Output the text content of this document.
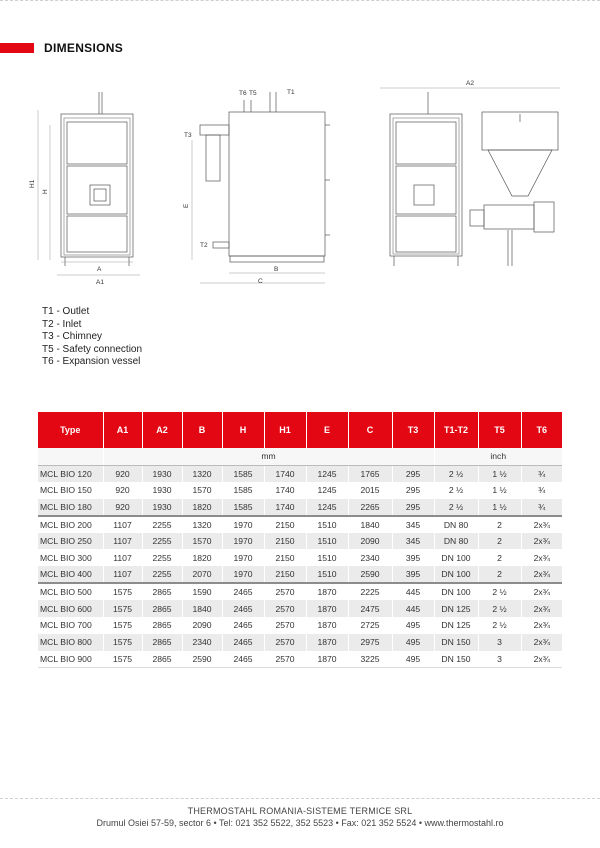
DIMENSIONS
H1
H
A
A1
T6 T5	T1
T3
T2
E
B
C
A2
T1 - Outlet
T2 - Inlet
T3 - Chimney
T5 - Safety connection
T6 - Expansion vessel
Type	A1	A2	B	H	H1	E	C	T3	T1-T2	T5	T6
	mm								inch		
MCL BIO 120	920	1930	1320	1585	1740	1245	1765	295	2 ½	1 ½	¾
MCL BIO 150	920	1930	1570	1585	1740	1245	2015	295	2 ½	1 ½	¾
MCL BIO 180	920	1930	1820	1585	1740	1245	2265	295	2 ½	1 ½	¾
MCL BIO 200	1107	2255	1320	1970	2150	1510	1840	345	DN 80	2	2x¾
MCL BIO 250	1107	2255	1570	1970	2150	1510	2090	345	DN 80	2	2x¾
MCL BIO 300	1107	2255	1820	1970	2150	1510	2340	395	DN 100	2	2x¾
MCL BIO 400	1107	2255	2070	1970	2150	1510	2590	395	DN 100	2	2x¾
MCL BIO 500	1575	2865	1590	2465	2570	1870	2225	445	DN 100	2 ½	2x¾
MCL BIO 600	1575	2865	1840	2465	2570	1870	2475	445	DN 125	2 ½	2x¾
MCL BIO 700	1575	2865	2090	2465	2570	1870	2725	495	DN 125	2 ½	2x¾
MCL BIO 800	1575	2865	2340	2465	2570	1870	2975	495	DN 150	3	2x¾
MCL BIO 900	1575	2865	2590	2465	2570	1870	3225	495	DN 150	3	2x¾
THERMOSTAHL ROMANIA-SISTEME TERMICE SRL
Drumul Osiei 57-59, sector 6 • Tel: 021 352 5522, 352 5523 • Fax: 021 352 5524 • www.thermostahl.ro
